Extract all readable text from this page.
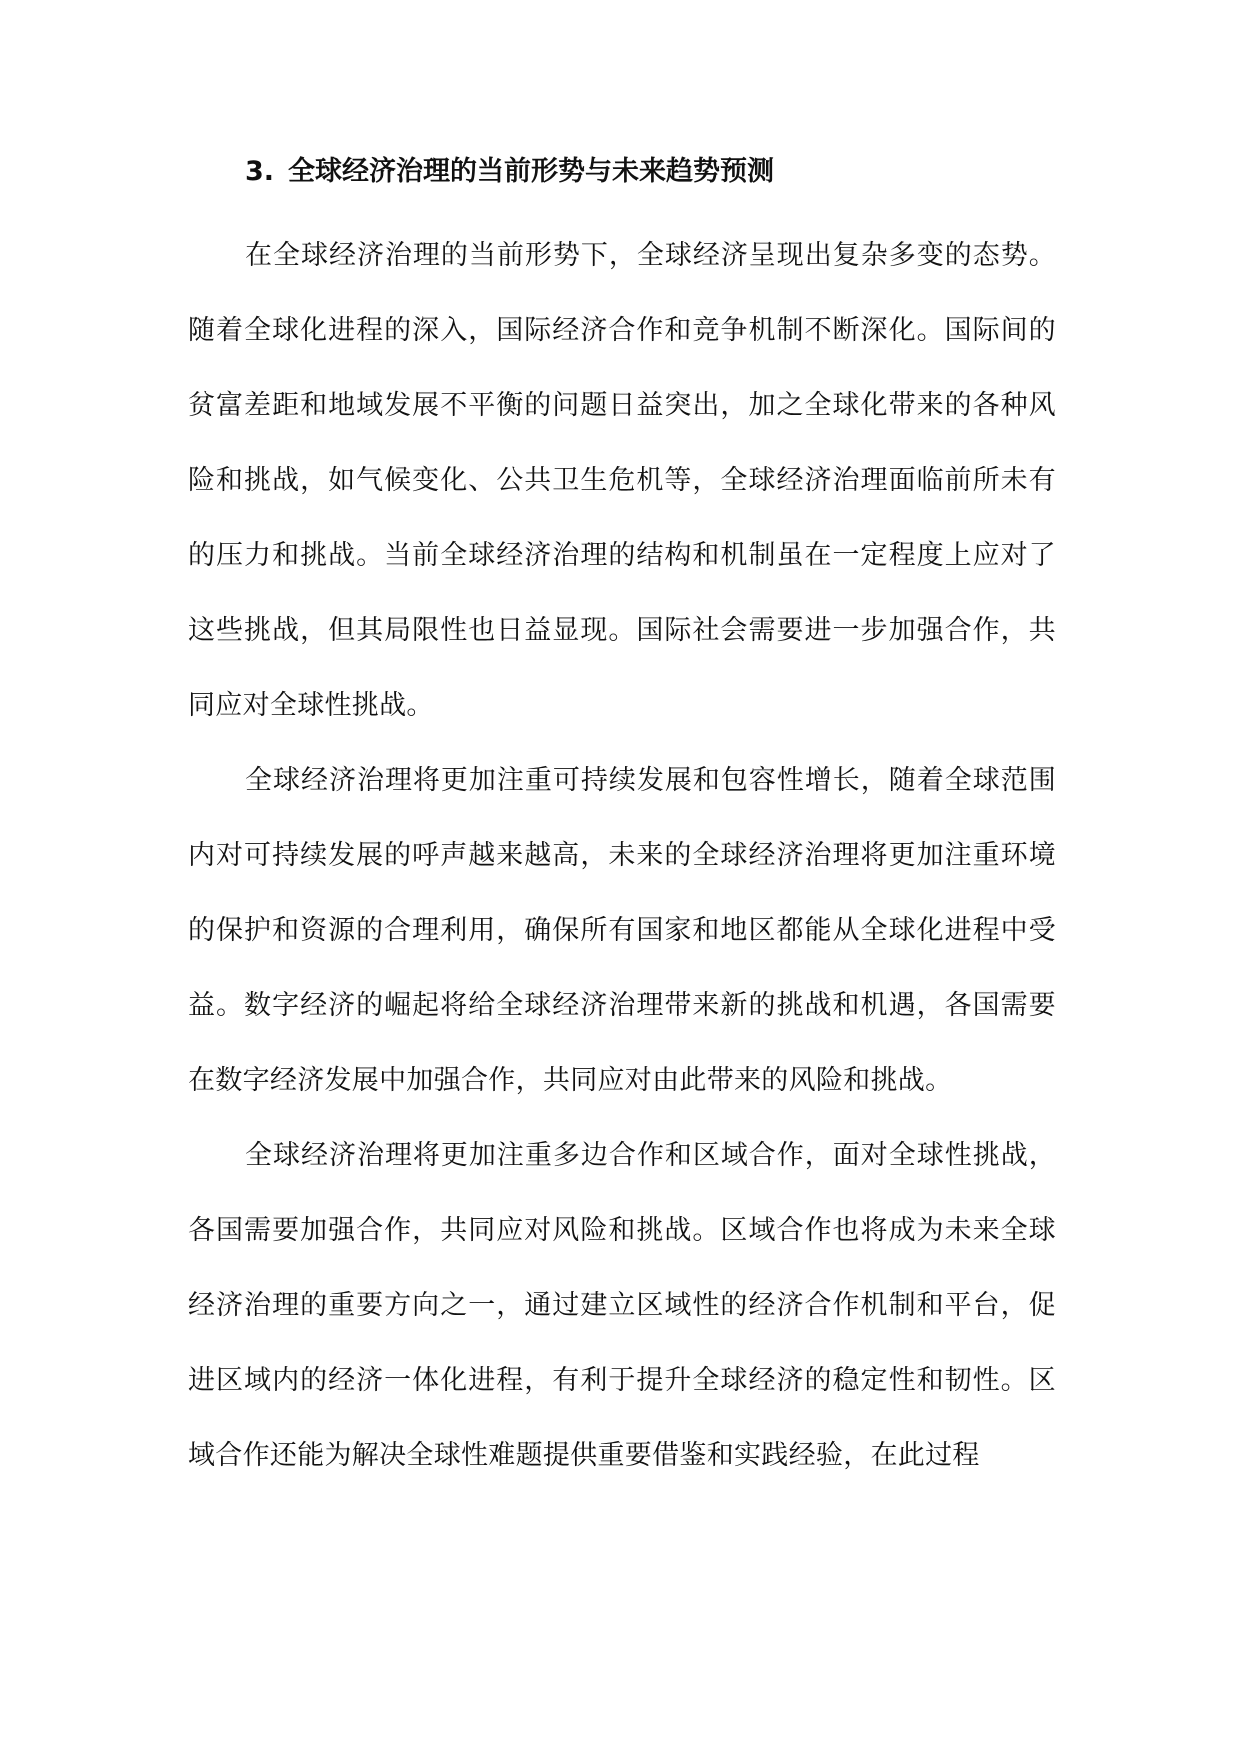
3. 全球经济治理的当前形势与未来趋势预测

在全球经济治理的当前形势下，全球经济呈现出复杂多变的态势。随着全球化进程的深入，国际经济合作和竞争机制不断深化。国际间的贫富差距和地域发展不平衡的问题日益突出，加之全球化带来的各种风险和挑战，如气候变化、公共卫生危机等，全球经济治理面临前所未有的压力和挑战。当前全球经济治理的结构和机制虽在一定程度上应对了这些挑战，但其局限性也日益显现。国际社会需要进一步加强合作，共同应对全球性挑战。

全球经济治理将更加注重可持续发展和包容性增长，随着全球范围内对可持续发展的呼声越来越高，未来的全球经济治理将更加注重环境的保护和资源的合理利用，确保所有国家和地区都能从全球化进程中受益。数字经济的崛起将给全球经济治理带来新的挑战和机遇，各国需要在数字经济发展中加强合作，共同应对由此带来的风险和挑战。

全球经济治理将更加注重多边合作和区域合作，面对全球性挑战，各国需要加强合作，共同应对风险和挑战。区域合作也将成为未来全球经济治理的重要方向之一，通过建立区域性的经济合作机制和平台，促进区域内的经济一体化进程，有利于提升全球经济的稳定性和韧性。区域合作还能为解决全球性难题提供重要借鉴和实践经验，在此过程
